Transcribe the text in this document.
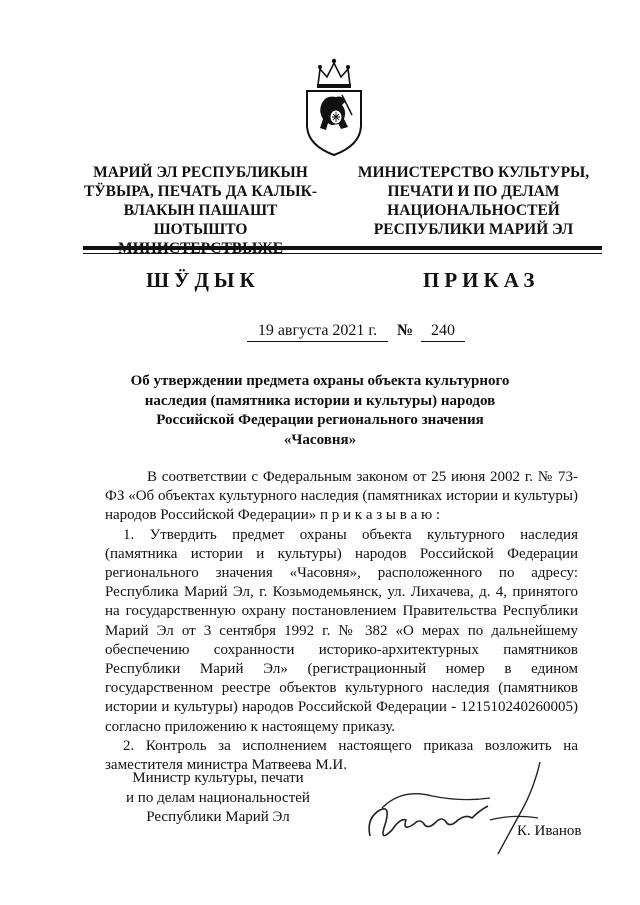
МАРИЙ ЭЛ РЕСПУБЛИКЫН
ТӰВЫРА, ПЕЧАТЬ ДА КАЛЫК-
ВЛАКЫН ПАШАШТ ШОТЫШТО
МИНИСТЕРСТВО КУЛЬТУРЫ,
ПЕЧАТИ И ПО ДЕЛАМ
НАЦИОНАЛЬНОСТЕЙ
РЕСПУБЛИКИ МАРИЙ ЭЛ
ШӰДЫК	ПРИКАЗ
19 августа 2021 г.	№	240
Об утверждении предмета охраны объекта культурного
наследия (памятника истории и культуры) народов
Российской Федерации регионального значения
«Часовня»

В соответствии с Федеральным законом от 25 июня 2002 г. № 73-ФЗ «Об объектах культурного наследия (памятниках истории и культуры) народов Российской Федерации» п р и к а з ы в а ю :

1. Утвердить предмет охраны объекта культурного наследия (памятника истории и культуры) народов Российской Федерации регионального значения «Часовня», расположенного по адресу: Республика Марий Эл, г. Козьмодемьянск, ул. Лихачева, д. 4, принятого на государственную охрану постановлением Правительства Республики Марий Эл от 3 сентября 1992 г. № 382 «О мерах по дальнейшему обеспечению сохранности историко-архитектурных памятников Республики Марий Эл» (регистрационный номер в едином государственном реестре объектов культурного наследия (памятников истории и культуры) народов Российской Федерации - 121510240260005) согласно приложению к настоящему приказу.

2. Контроль за исполнением настоящего приказа возложить на заместителя министра Матвеева М.И.

Министр культуры, печати
и по делам национальностей
Республики Марий Эл
К. Иванов
